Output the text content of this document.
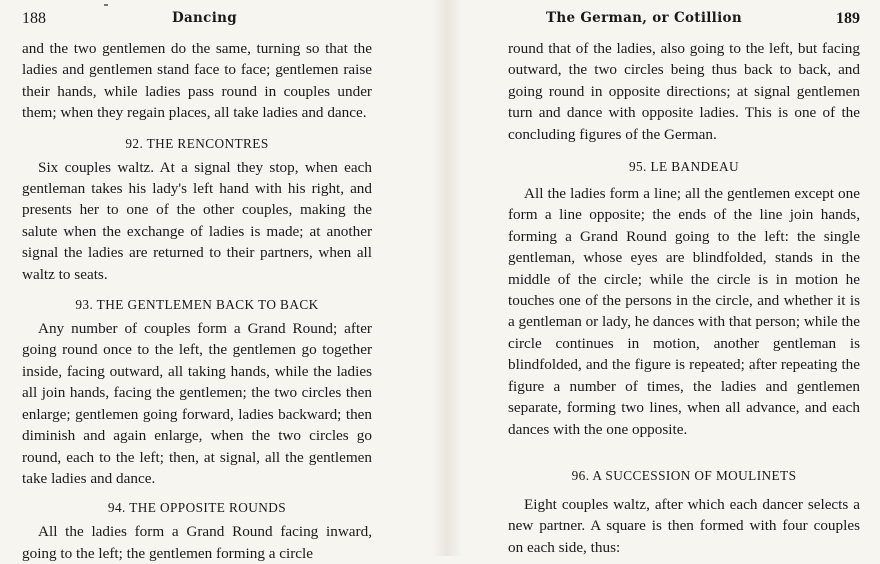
188	Dancing

and the two gentlemen do the same, turning so that the ladies and gentlemen stand face to face; gentlemen raise their hands, while ladies pass round in couples under them; when they regain places, all take ladies and dance.

92. THE RENCONTRES

Six couples waltz. At a signal they stop, when each gentleman takes his lady's left hand with his right, and presents her to one of the other couples, making the salute when the exchange of ladies is made; at another signal the ladies are returned to their partners, when all waltz to seats.

93. THE GENTLEMEN BACK TO BACK

Any number of couples form a Grand Round; after going round once to the left, the gentlemen go together inside, facing outward, all taking hands, while the ladies all join hands, facing the gentlemen; the two circles then enlarge; gentlemen going forward, ladies backward; then diminish and again enlarge, when the two circles go round, each to the left; then, at signal, all the gentlemen take ladies and dance.

94. THE OPPOSITE ROUNDS

All the ladies form a Grand Round facing inward, going to the left; the gentlemen forming a circle

The German, or Cotillion	189

round that of the ladies, also going to the left, but facing outward, the two circles being thus back to back, and going round in opposite directions; at signal gentlemen turn and dance with opposite ladies. This is one of the concluding figures of the German.

95. LE BANDEAU

All the ladies form a line; all the gentlemen except one form a line opposite; the ends of the line join hands, forming a Grand Round going to the left: the single gentleman, whose eyes are blindfolded, stands in the middle of the circle; while the circle is in motion he touches one of the persons in the circle, and whether it is a gentleman or lady, he dances with that person; while the circle continues in motion, another gentleman is blindfolded, and the figure is repeated; after repeating the figure a number of times, the ladies and gentlemen separate, forming two lines, when all advance, and each dances with the one opposite.

96. A SUCCESSION OF MOULINETS

Eight couples waltz, after which each dancer selects a new partner. A square is then formed with four couples on each side, thus:
